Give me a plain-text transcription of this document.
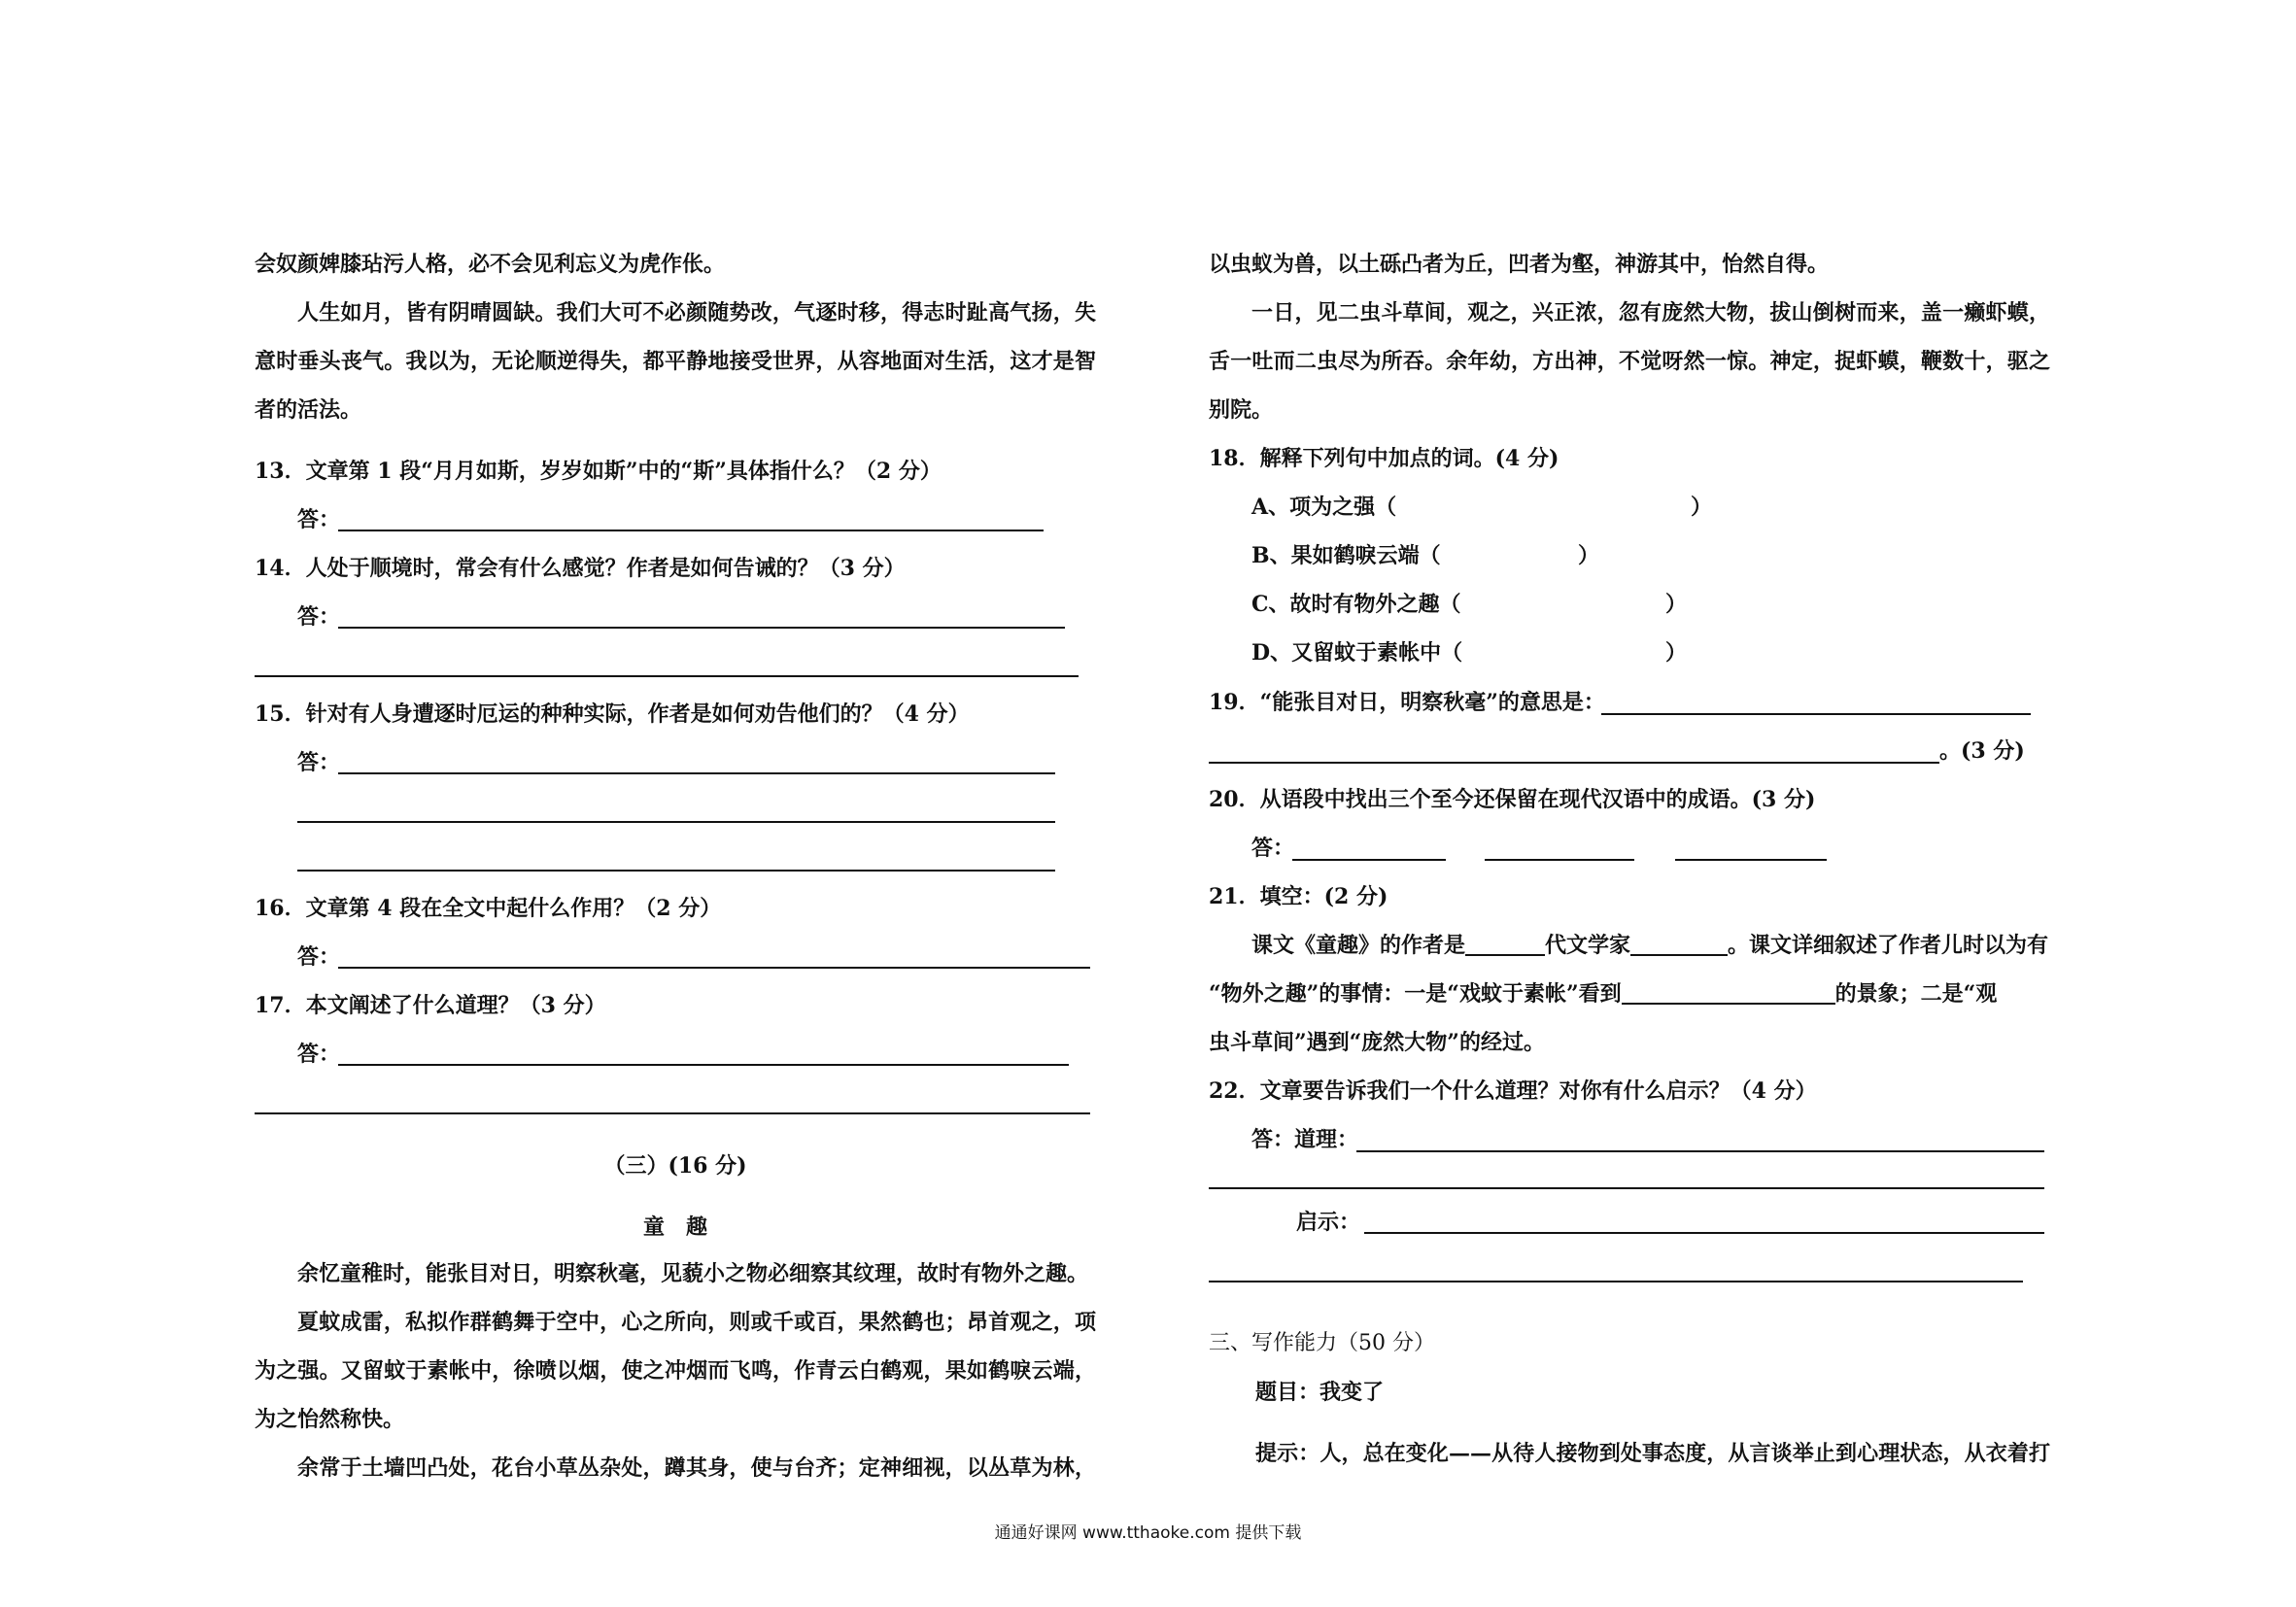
会奴颜婢膝玷污人格，必不会见利忘义为虎作伥。
人生如月，皆有阴晴圆缺。我们大可不必颜随势改，气逐时移，得志时趾高气扬，失
意时垂头丧气。我以为，无论顺逆得失，都平静地接受世界，从容地面对生活，这才是智
者的活法。
13．文章第 1 段“月月如斯，岁岁如斯”中的“斯”具体指什么？（2 分）
答：
14．人处于顺境时，常会有什么感觉？作者是如何告诫的？（3 分）
答：
15．针对有人身遭逐时厄运的种种实际，作者是如何劝告他们的？（4 分）
答：
16．文章第 4 段在全文中起什么作用？（2 分）
答：
17．本文阐述了什么道理？（3 分）
答：
（三）(16 分)
童　趣
余忆童稚时，能张目对日，明察秋毫，见藐小之物必细察其纹理，故时有物外之趣。
夏蚊成雷，私拟作群鹤舞于空中，心之所向，则或千或百，果然鹤也；昂首观之，项
为之强。又留蚊于素帐中，徐喷以烟，使之冲烟而飞鸣，作青云白鹤观，果如鹤唳云端，
为之怡然称快。
余常于土墙凹凸处，花台小草丛杂处，蹲其身，使与台齐；定神细视，以丛草为林，
以虫蚁为兽，以土砾凸者为丘，凹者为壑，神游其中，怡然自得。
一日，见二虫斗草间，观之，兴正浓，忽有庞然大物，拔山倒树而来，盖一癞虾蟆，
舌一吐而二虫尽为所吞。余年幼，方出神，不觉呀然一惊。神定，捉虾蟆，鞭数十，驱之
别院。
18．解释下列句中加点的词。(4 分)
A、项为之强（	）
B、果如鹤唳云端（	）
C、故时有物外之趣（	）
D、又留蚊于素帐中（	）
19．“能张目对日，明察秋毫”的意思是：
。(3 分)
20．从语段中找出三个至今还保留在现代汉语中的成语。(3 分)
答：
21．填空：(2 分)
课文《童趣》的作者是	代文学家	。课文详细叙述了作者儿时以为有
“物外之趣”的事情：一是“戏蚊于素帐”看到	的景象；二是“观
虫斗草间”遇到“庞然大物”的经过。
22．文章要告诉我们一个什么道理？对你有什么启示？（4 分）
答：道理：
启示：
三、写作能力（50 分）
题目：我变了
提示：人，总在变化——从待人接物到处事态度，从言谈举止到心理状态，从衣着打
通通好课网 www.tthaoke.com 提供下载
